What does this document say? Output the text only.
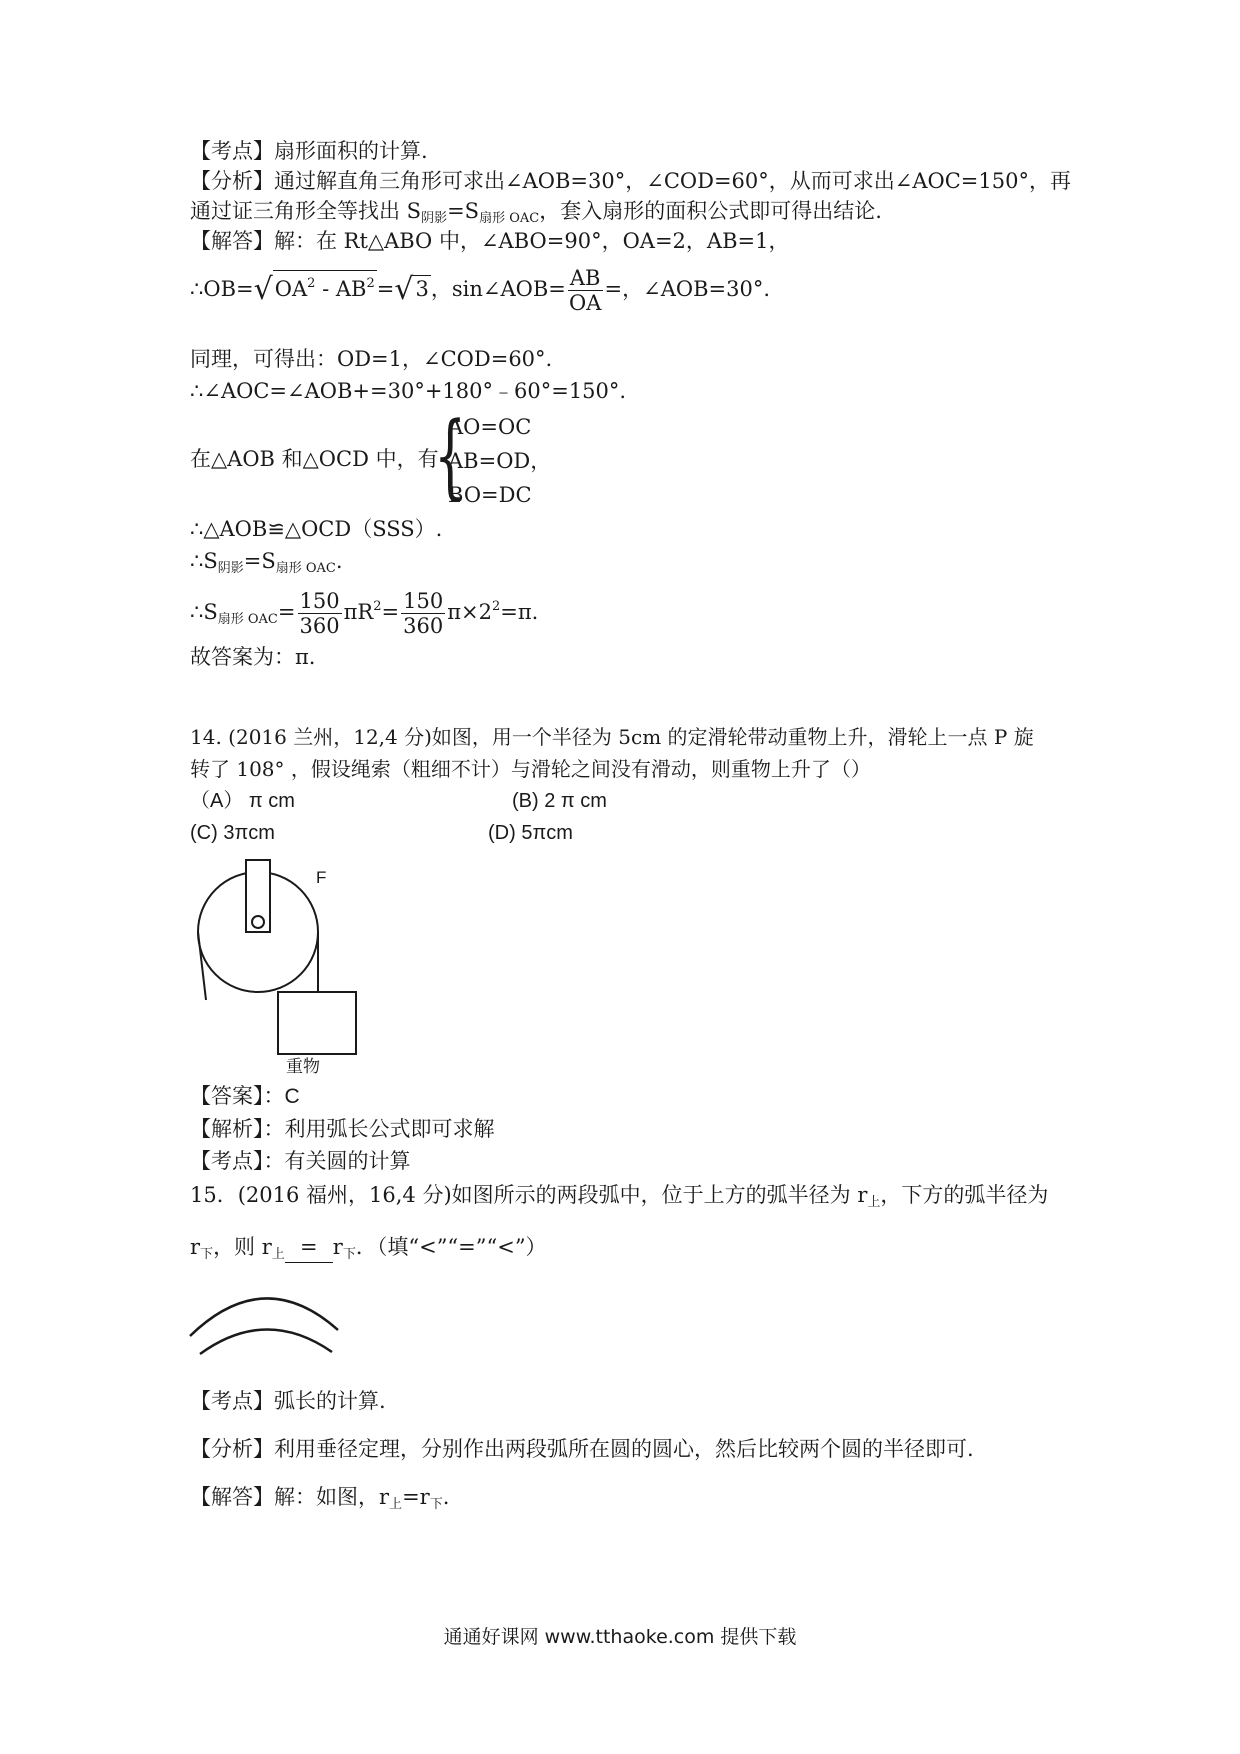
【考点】扇形面积的计算.
【分析】通过解直角三角形可求出∠AOB=30°，∠COD=60°，从而可求出∠AOC=150°，再
通过证三角形全等找出 $S_{阴影}=S_{扇形 OAC}$，套入扇形的面积公式即可得出结论.
【解答】解：在 Rt△ABO 中，∠ABO=90°，OA=2，AB=1，
$\therefore OB=√OA^2 - AB^2=√3$，sin∠AOB= $\frac{AB}{OA}$ =，∠AOB=30°.
同理，可得出：OD=1，∠COD=60°.
∴∠AOC=∠AOB+=30°+180°﹣60°=150°.
在△AOB 和△OCD 中，有
{
AO=OC
AB=OD，
BO=DC
∴△AOB≌△OCD（SSS）.
$\therefore S_{阴影}=S_{扇形 OAC}$.
$\therefore S_{扇形 OAC}= \frac{150}{360} \pi R^2= \frac{150}{360} \pi\times 2^2=\pi$.
故答案为：π.
14. (2016 兰州，12,4 分)如图，用一个半径为 5cm 的定滑轮带动重物上升，滑轮上一点 P 旋
转了 108° ，假设绳索（粗细不计）与滑轮之间没有滑动，则重物上升了（）
（A） π cm	(B) 2 π cm
(C) 3πcm	(D) 5πcm
F
重物
【答案】：C
【解析】：利用弧长公式即可求解
【考点】：有关圆的计算
15．(2016 福州，16,4 分)如图所示的两段弧中，位于上方的弧半径为 $r_上$，下方的弧半径为
$r_下$，则 $r_上 = r_下$．（填“<”“=”“<”）
【考点】弧长的计算.
【分析】利用垂径定理，分别作出两段弧所在圆的圆心，然后比较两个圆的半径即可.
【解答】解：如图，$r_上=r_下$.
通通好课网 www.tthaoke.com 提供下载
